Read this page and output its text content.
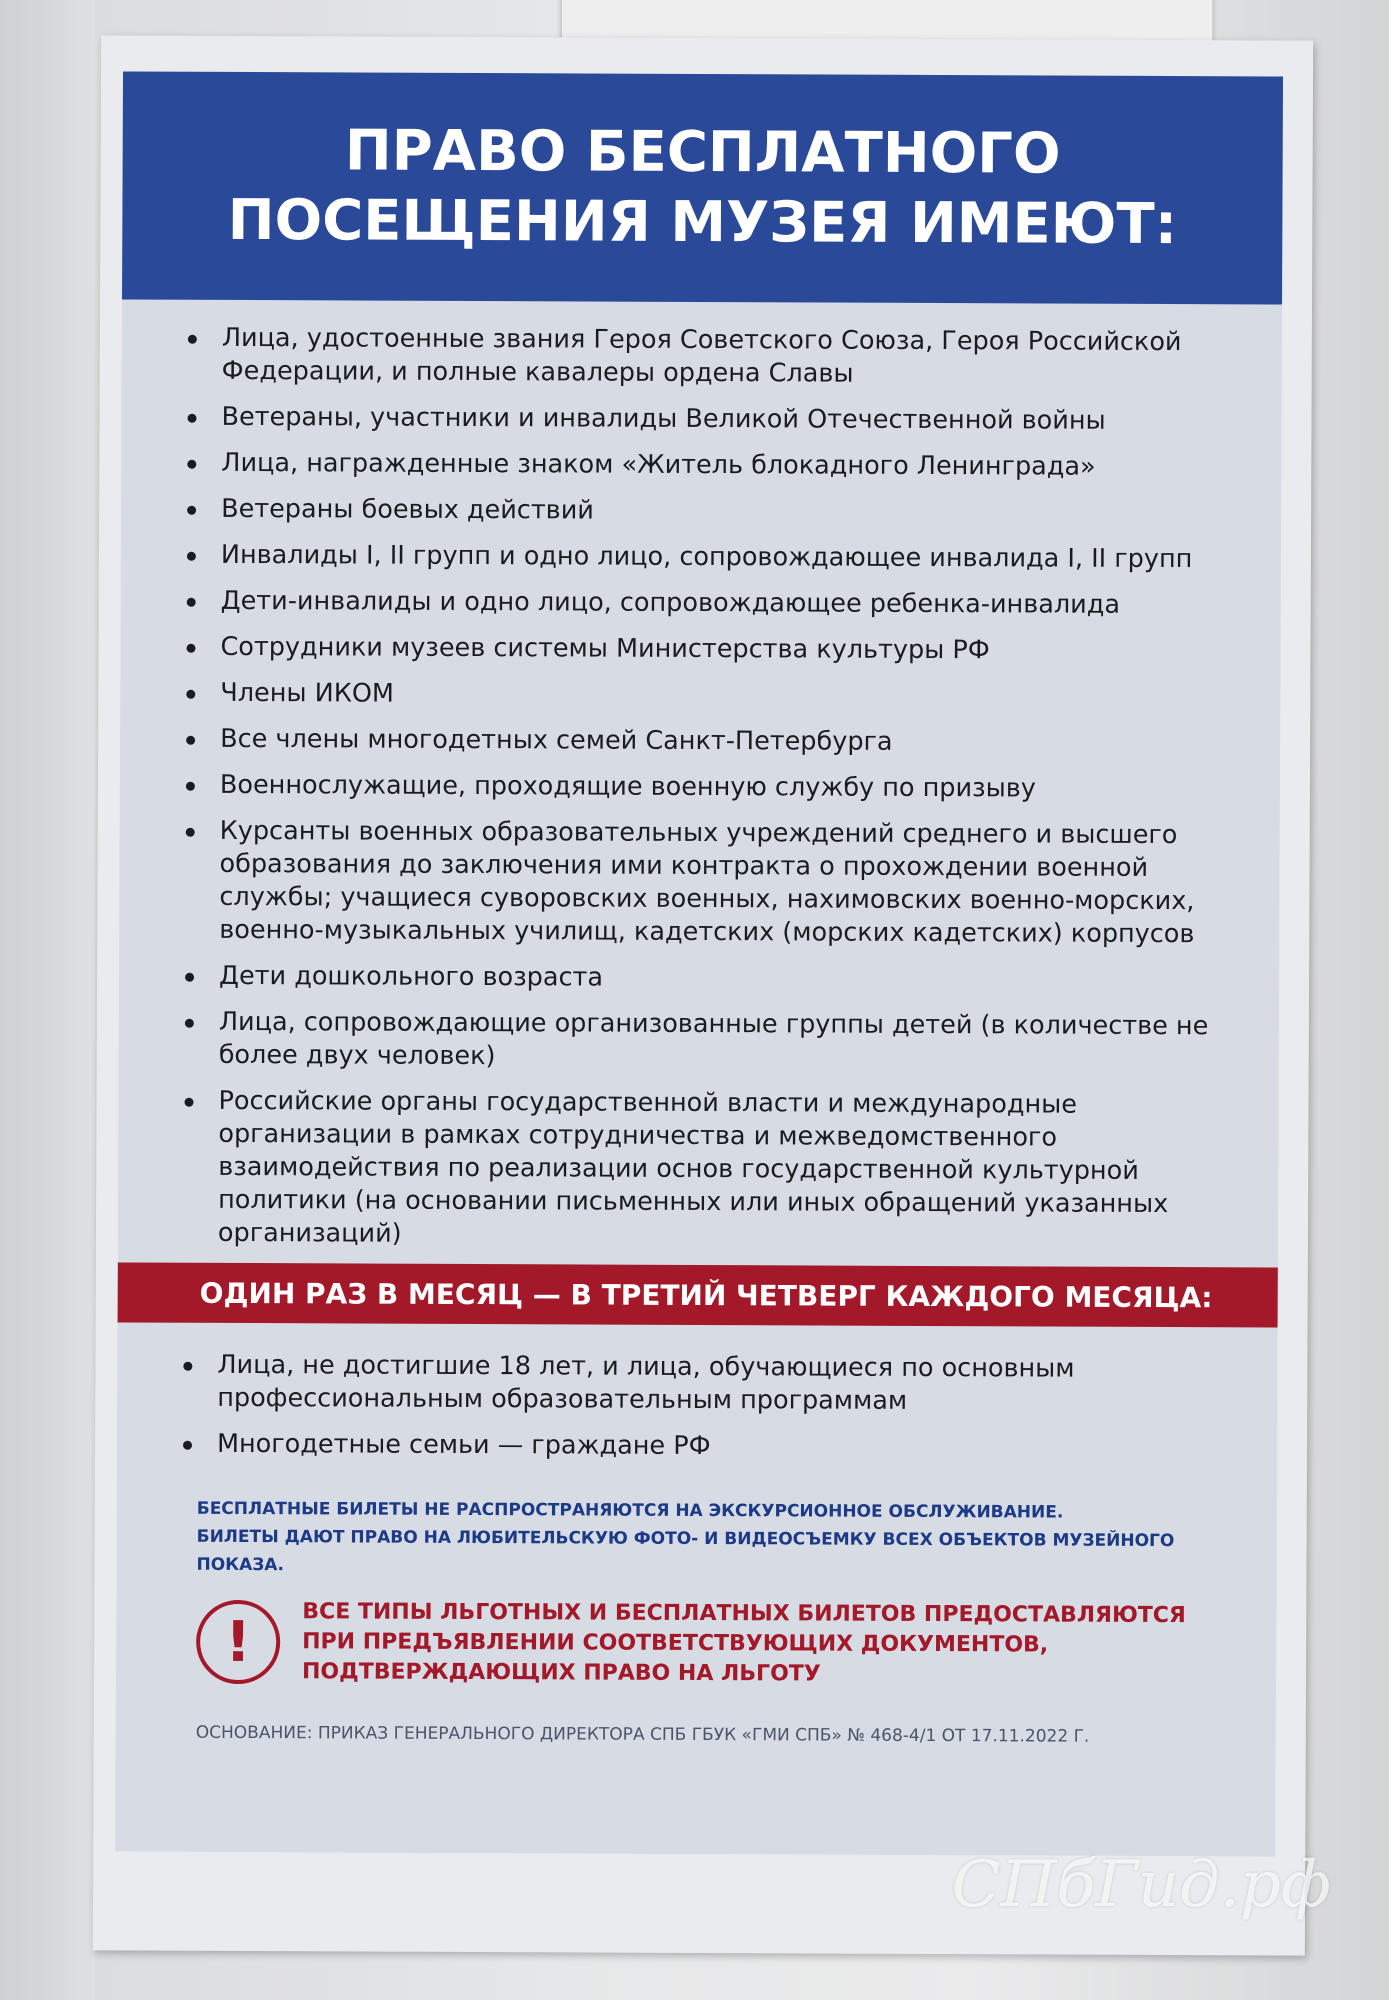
ПРАВО БЕСПЛАТНОГО
ПОСЕЩЕНИЯ МУЗЕЯ ИМЕЮТ:
Лица, удостоенные звания Героя Советского Союза, Героя Российской Федерации, и полные кавалеры ордена Славы
Ветераны, участники и инвалиды Великой Отечественной войны
Лица, награжденные знаком «Житель блокадного Ленинграда»
Ветераны боевых действий
Инвалиды I, II групп и одно лицо, сопровождающее инвалида I, II групп
Дети-инвалиды и одно лицо, сопровождающее ребенка-инвалида
Сотрудники музеев системы Министерства культуры РФ
Члены ИКОМ
Все члены многодетных семей Санкт-Петербурга
Военнослужащие, проходящие военную службу по призыву
Курсанты военных образовательных учреждений среднего и высшего образования до заключения ими контракта о прохождении военной службы; учащиеся суворовских военных, нахимовских военно-морских, военно-музыкальных училищ, кадетских (морских кадетских) корпусов
Дети дошкольного возраста
Лица, сопровождающие организованные группы детей (в количестве не более двух человек)
Российские органы государственной власти и международные организации в рамках сотрудничества и межведомственного взаимодействия по реализации основ государственной культурной политики (на основании письменных или иных обращений указанных организаций)
ОДИН РАЗ В МЕСЯЦ — В ТРЕТИЙ ЧЕТВЕРГ КАЖДОГО МЕСЯЦА:
Лица, не достигшие 18 лет, и лица, обучающиеся по основным профессиональным образовательным программам
Многодетные семьи — граждане РФ
БЕСПЛАТНЫЕ БИЛЕТЫ НЕ РАСПРОСТРАНЯЮТСЯ НА ЭКСКУРСИОННОЕ ОБСЛУЖИВАНИЕ.
БИЛЕТЫ ДАЮТ ПРАВО НА ЛЮБИТЕЛЬСКУЮ ФОТО- И ВИДЕОСЪЕМКУ ВСЕХ ОБЪЕКТОВ МУЗЕЙНОГО ПОКАЗА.
!	ВСЕ ТИПЫ ЛЬГОТНЫХ И БЕСПЛАТНЫХ БИЛЕТОВ ПРЕДОСТАВЛЯЮТСЯ
ПРИ ПРЕДЪЯВЛЕНИИ СООТВЕТСТВУЮЩИХ ДОКУМЕНТОВ,
ПОДТВЕРЖДАЮЩИХ ПРАВО НА ЛЬГОТУ
ОСНОВАНИЕ: ПРИКАЗ ГЕНЕРАЛЬНОГО ДИРЕКТОРА СПБ ГБУК «ГМИ СПБ» № 468-4/1 ОТ 17.11.2022 Г.
СПбГид.рф
